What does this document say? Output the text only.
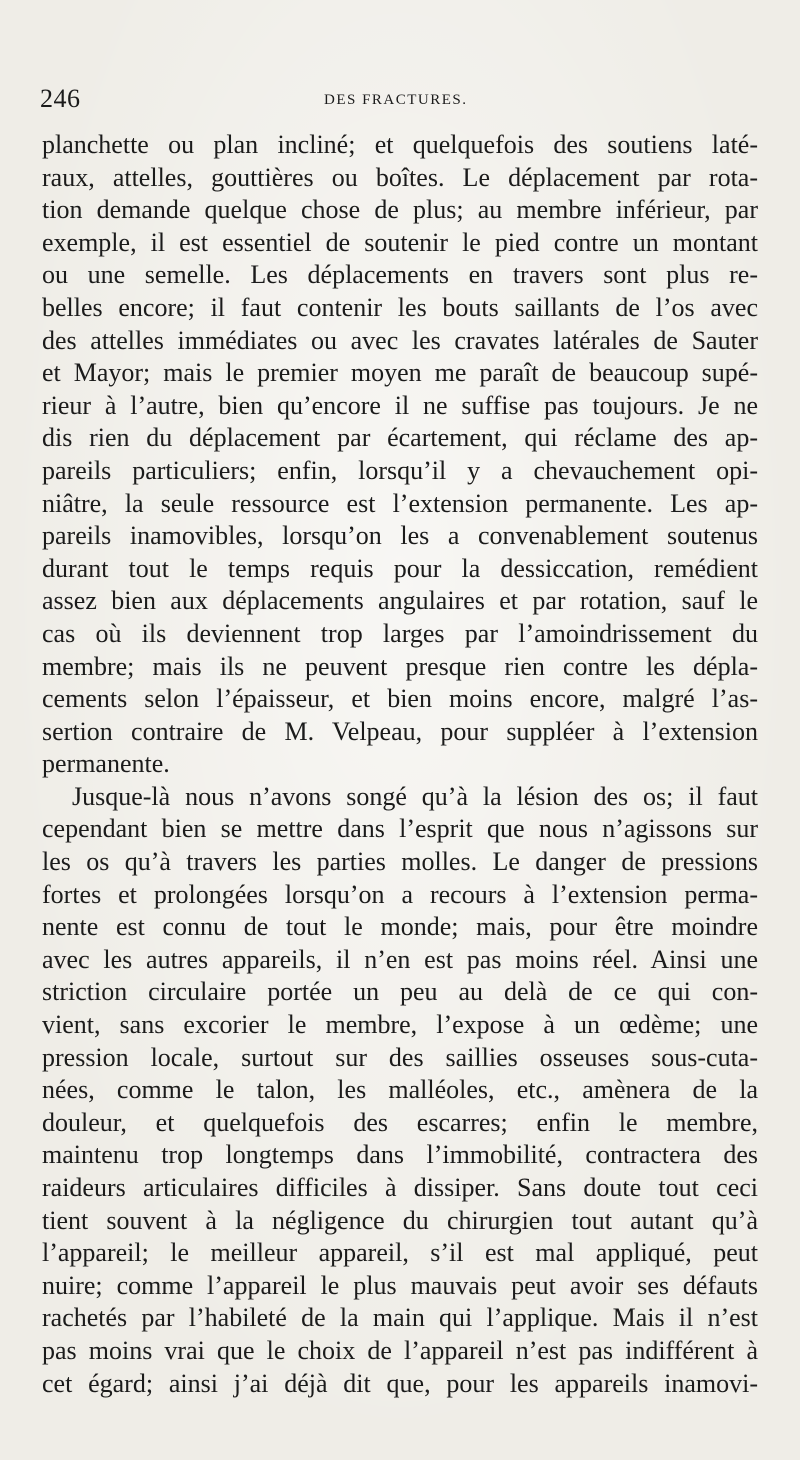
246	DES FRACTURES.
planchette ou plan incliné; et quelquefois des soutiens laté-
raux, attelles, gouttières ou boîtes. Le déplacement par rota-
tion demande quelque chose de plus; au membre inférieur, par
exemple, il est essentiel de soutenir le pied contre un montant
ou une semelle. Les déplacements en travers sont plus re-
belles encore; il faut contenir les bouts saillants de l’os avec
des attelles immédiates ou avec les cravates latérales de Sauter
et Mayor; mais le premier moyen me paraît de beaucoup supé-
rieur à l’autre, bien qu’encore il ne suffise pas toujours. Je ne
dis rien du déplacement par écartement, qui réclame des ap-
pareils particuliers; enfin, lorsqu’il y a chevauchement opi-
niâtre, la seule ressource est l’extension permanente. Les ap-
pareils inamovibles, lorsqu’on les a convenablement soutenus
durant tout le temps requis pour la dessiccation, remédient
assez bien aux déplacements angulaires et par rotation, sauf le
cas où ils deviennent trop larges par l’amoindrissement du
membre; mais ils ne peuvent presque rien contre les dépla-
cements selon l’épaisseur, et bien moins encore, malgré l’as-
sertion contraire de M. Velpeau, pour suppléer à l’extension
permanente.
Jusque-là nous n’avons songé qu’à la lésion des os; il faut
cependant bien se mettre dans l’esprit que nous n’agissons sur
les os qu’à travers les parties molles. Le danger de pressions
fortes et prolongées lorsqu’on a recours à l’extension perma-
nente est connu de tout le monde; mais, pour être moindre
avec les autres appareils, il n’en est pas moins réel. Ainsi une
striction circulaire portée un peu au delà de ce qui con-
vient, sans excorier le membre, l’expose à un œdème; une
pression locale, surtout sur des saillies osseuses sous-cuta-
nées, comme le talon, les malléoles, etc., amènera de la
douleur, et quelquefois des escarres; enfin le membre,
maintenu trop longtemps dans l’immobilité, contractera des
raideurs articulaires difficiles à dissiper. Sans doute tout ceci
tient souvent à la négligence du chirurgien tout autant qu’à
l’appareil; le meilleur appareil, s’il est mal appliqué, peut
nuire; comme l’appareil le plus mauvais peut avoir ses défauts
rachetés par l’habileté de la main qui l’applique. Mais il n’est
pas moins vrai que le choix de l’appareil n’est pas indifférent à
cet égard; ainsi j’ai déjà dit que, pour les appareils inamovi-
